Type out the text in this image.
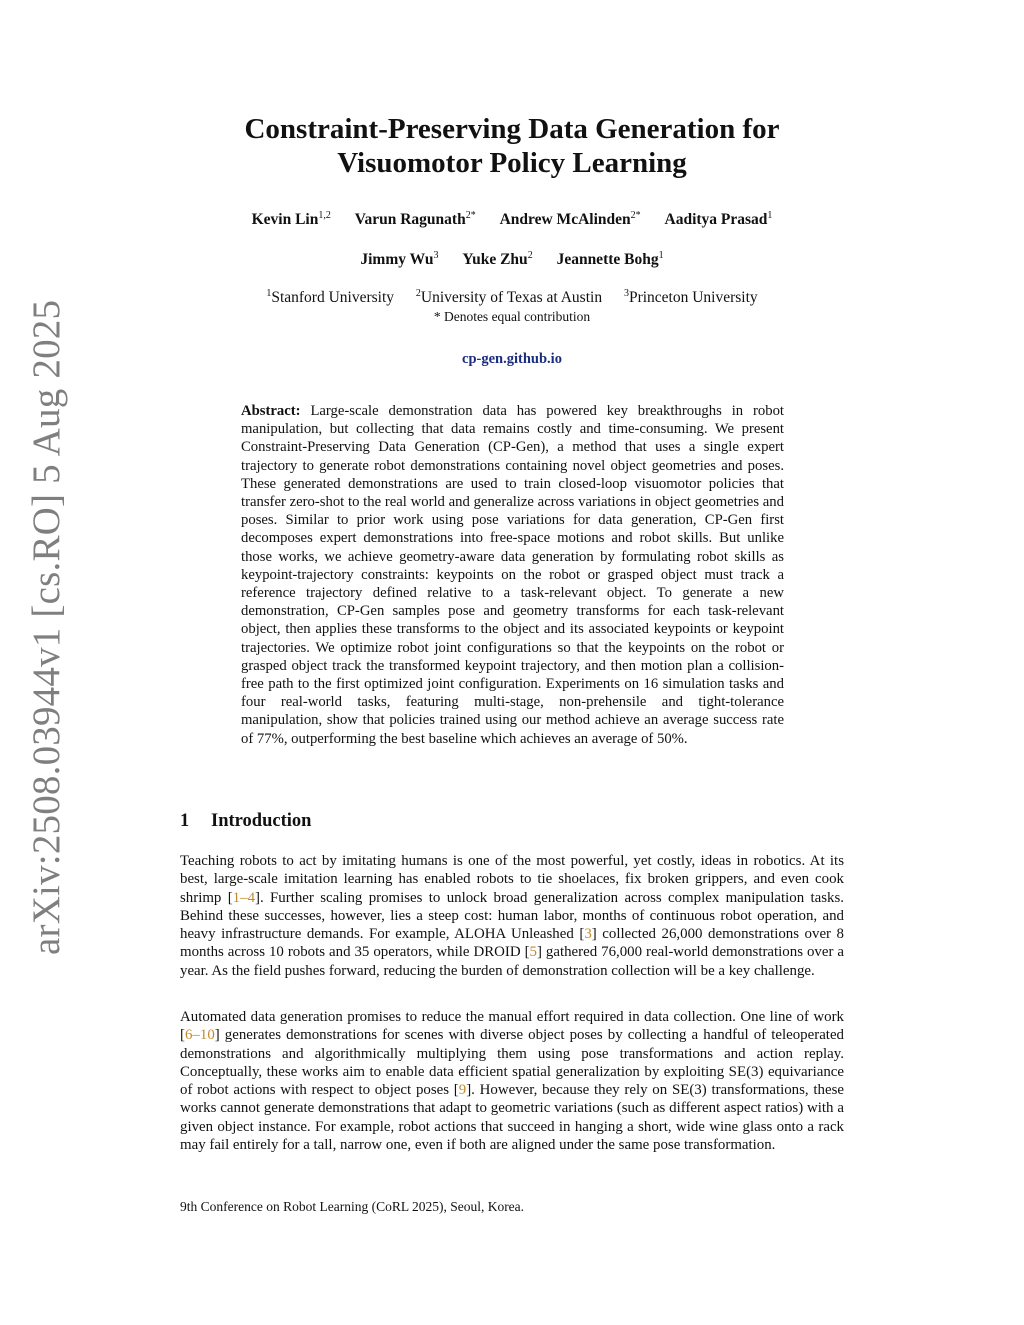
arXiv:2508.03944v1 [cs.RO] 5 Aug 2025
Constraint-Preserving Data Generation for
Visuomotor Policy Learning
Kevin Lin$^{1,2}$ Varun Ragunath$^{2*}$ Andrew McAlinden$^{2*}$ Aaditya Prasad$^1$
Jimmy Wu$^3$ Yuke Zhu$^2$ Jeannette Bohg$^1$
$^1$Stanford University $^2$University of Texas at Austin $^3$Princeton University
* Denotes equal contribution
cp-gen.github.io
Abstract: Large-scale demonstration data has powered key breakthroughs in robot manipulation, but collecting that data remains costly and time-consuming. We present Constraint-Preserving Data Generation (CP-Gen), a method that uses a single expert trajectory to generate robot demonstrations containing novel object geometries and poses. These generated demonstrations are used to train closed-loop visuomotor policies that transfer zero-shot to the real world and generalize across variations in object geometries and poses. Similar to prior work using pose variations for data generation, CP-Gen first decomposes expert demonstrations into free-space motions and robot skills. But unlike those works, we achieve geometry-aware data generation by formulating robot skills as keypoint-trajectory constraints: keypoints on the robot or grasped object must track a reference trajectory defined relative to a task-relevant object. To generate a new demonstration, CP-Gen samples pose and geometry transforms for each task-relevant object, then applies these transforms to the object and its associated keypoints or keypoint trajectories. We optimize robot joint configurations so that the keypoints on the robot or grasped object track the transformed keypoint trajectory, and then motion plan a collision-free path to the first optimized joint configuration. Experiments on 16 simulation tasks and four real-world tasks, featuring multi-stage, non-prehensile and tight-tolerance manipulation, show that policies trained using our method achieve an average success rate of 77%, outperforming the best baseline which achieves an average of 50%.
1 Introduction
Teaching robots to act by imitating humans is one of the most powerful, yet costly, ideas in robotics. At its best, large-scale imitation learning has enabled robots to tie shoelaces, fix broken grippers, and even cook shrimp [1–4]. Further scaling promises to unlock broad generalization across complex manipulation tasks. Behind these successes, however, lies a steep cost: human labor, months of continuous robot operation, and heavy infrastructure demands. For example, ALOHA Unleashed [3] collected 26,000 demonstrations over 8 months across 10 robots and 35 operators, while DROID [5] gathered 76,000 real-world demonstrations over a year. As the field pushes forward, reducing the burden of demonstration collection will be a key challenge.
Automated data generation promises to reduce the manual effort required in data collection. One line of work [6–10] generates demonstrations for scenes with diverse object poses by collecting a handful of teleoperated demonstrations and algorithmically multiplying them using pose transformations and action replay. Conceptually, these works aim to enable data efficient spatial generalization by exploiting SE(3) equivariance of robot actions with respect to object poses [9]. However, because they rely on SE(3) transformations, these works cannot generate demonstrations that adapt to geometric variations (such as different aspect ratios) with a given object instance. For example, robot actions that succeed in hanging a short, wide wine glass onto a rack may fail entirely for a tall, narrow one, even if both are aligned under the same pose transformation.
9th Conference on Robot Learning (CoRL 2025), Seoul, Korea.
